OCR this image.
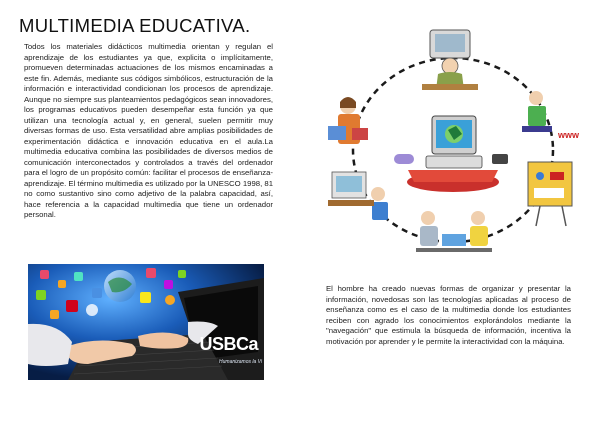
MULTIMEDIA EDUCATIVA.

Todos los materiales didácticos multimedia orientan y regulan el aprendizaje de los estudiantes ya que, explicita o implícitamente, promueven determinadas actuaciones de los mismos encaminadas a este fin. Además, mediante sus códigos simbólicos, estructuración de la información e interactividad condicionan los procesos de aprendizaje. Aunque no siempre sus planteamientos pedagógicos sean innovadores, los programas educativos pueden desempeñar esta función ya que utilizan una tecnología actual y, en general, suelen permitir muy diversas formas de uso. Esta versatilidad abre amplias posibilidades de experimentación didáctica e innovación educativa en el aula.La multimedia educativa combina las posibilidades de diversos medios de comunicación interconectados y controlados a través del ordenador para el logro de un propósito común: facilitar el procesos de enseñanza-aprendizaje. El término multimedia es utilizado por la UNESCO 1998, 81 no como sustantivo sino como adjetivo de la palabra capacidad, así, hace referencia a la capacidad multimedia que tiene un ordenador personal.

USBCa
Humanizamos la Vi
www

El hombre ha creado nuevas formas de organizar y presentar la información, novedosas son las tecnologías aplicadas al proceso de enseñanza como es el caso de la multimedia donde los estudiantes reciben con agrado los conocimientos explorándolos mediante la "navegación" que estimula la búsqueda de información, incentiva la motivación por aprender y le permite la interactividad con la máquina.
